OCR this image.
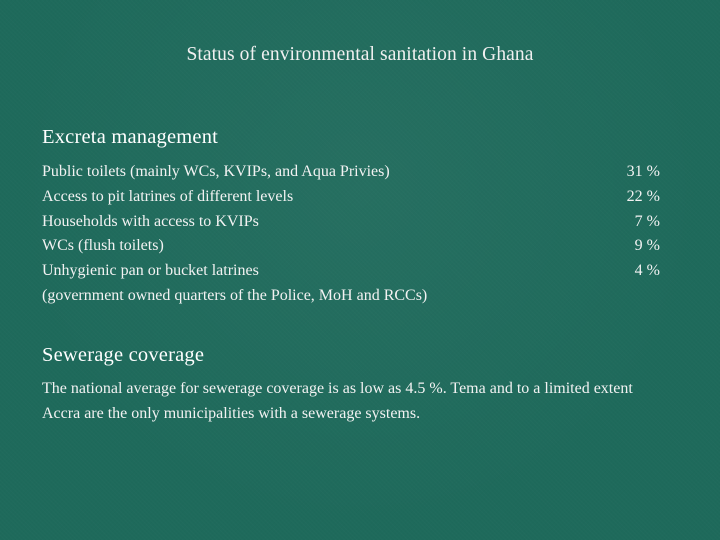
Status of environmental sanitation in Ghana
Excreta management
Public toilets (mainly WCs, KVIPs, and Aqua Privies)	31 %
Access to pit latrines of different levels	22 %
Households with access to KVIPs	7 %
WCs (flush toilets)	9 %
Unhygienic pan or bucket latrines	4 %
(government owned quarters of the Police, MoH and RCCs)
Sewerage coverage
The national average for sewerage coverage is as low as 4.5 %. Tema and to a limited extent Accra are the only municipalities with a sewerage systems.
